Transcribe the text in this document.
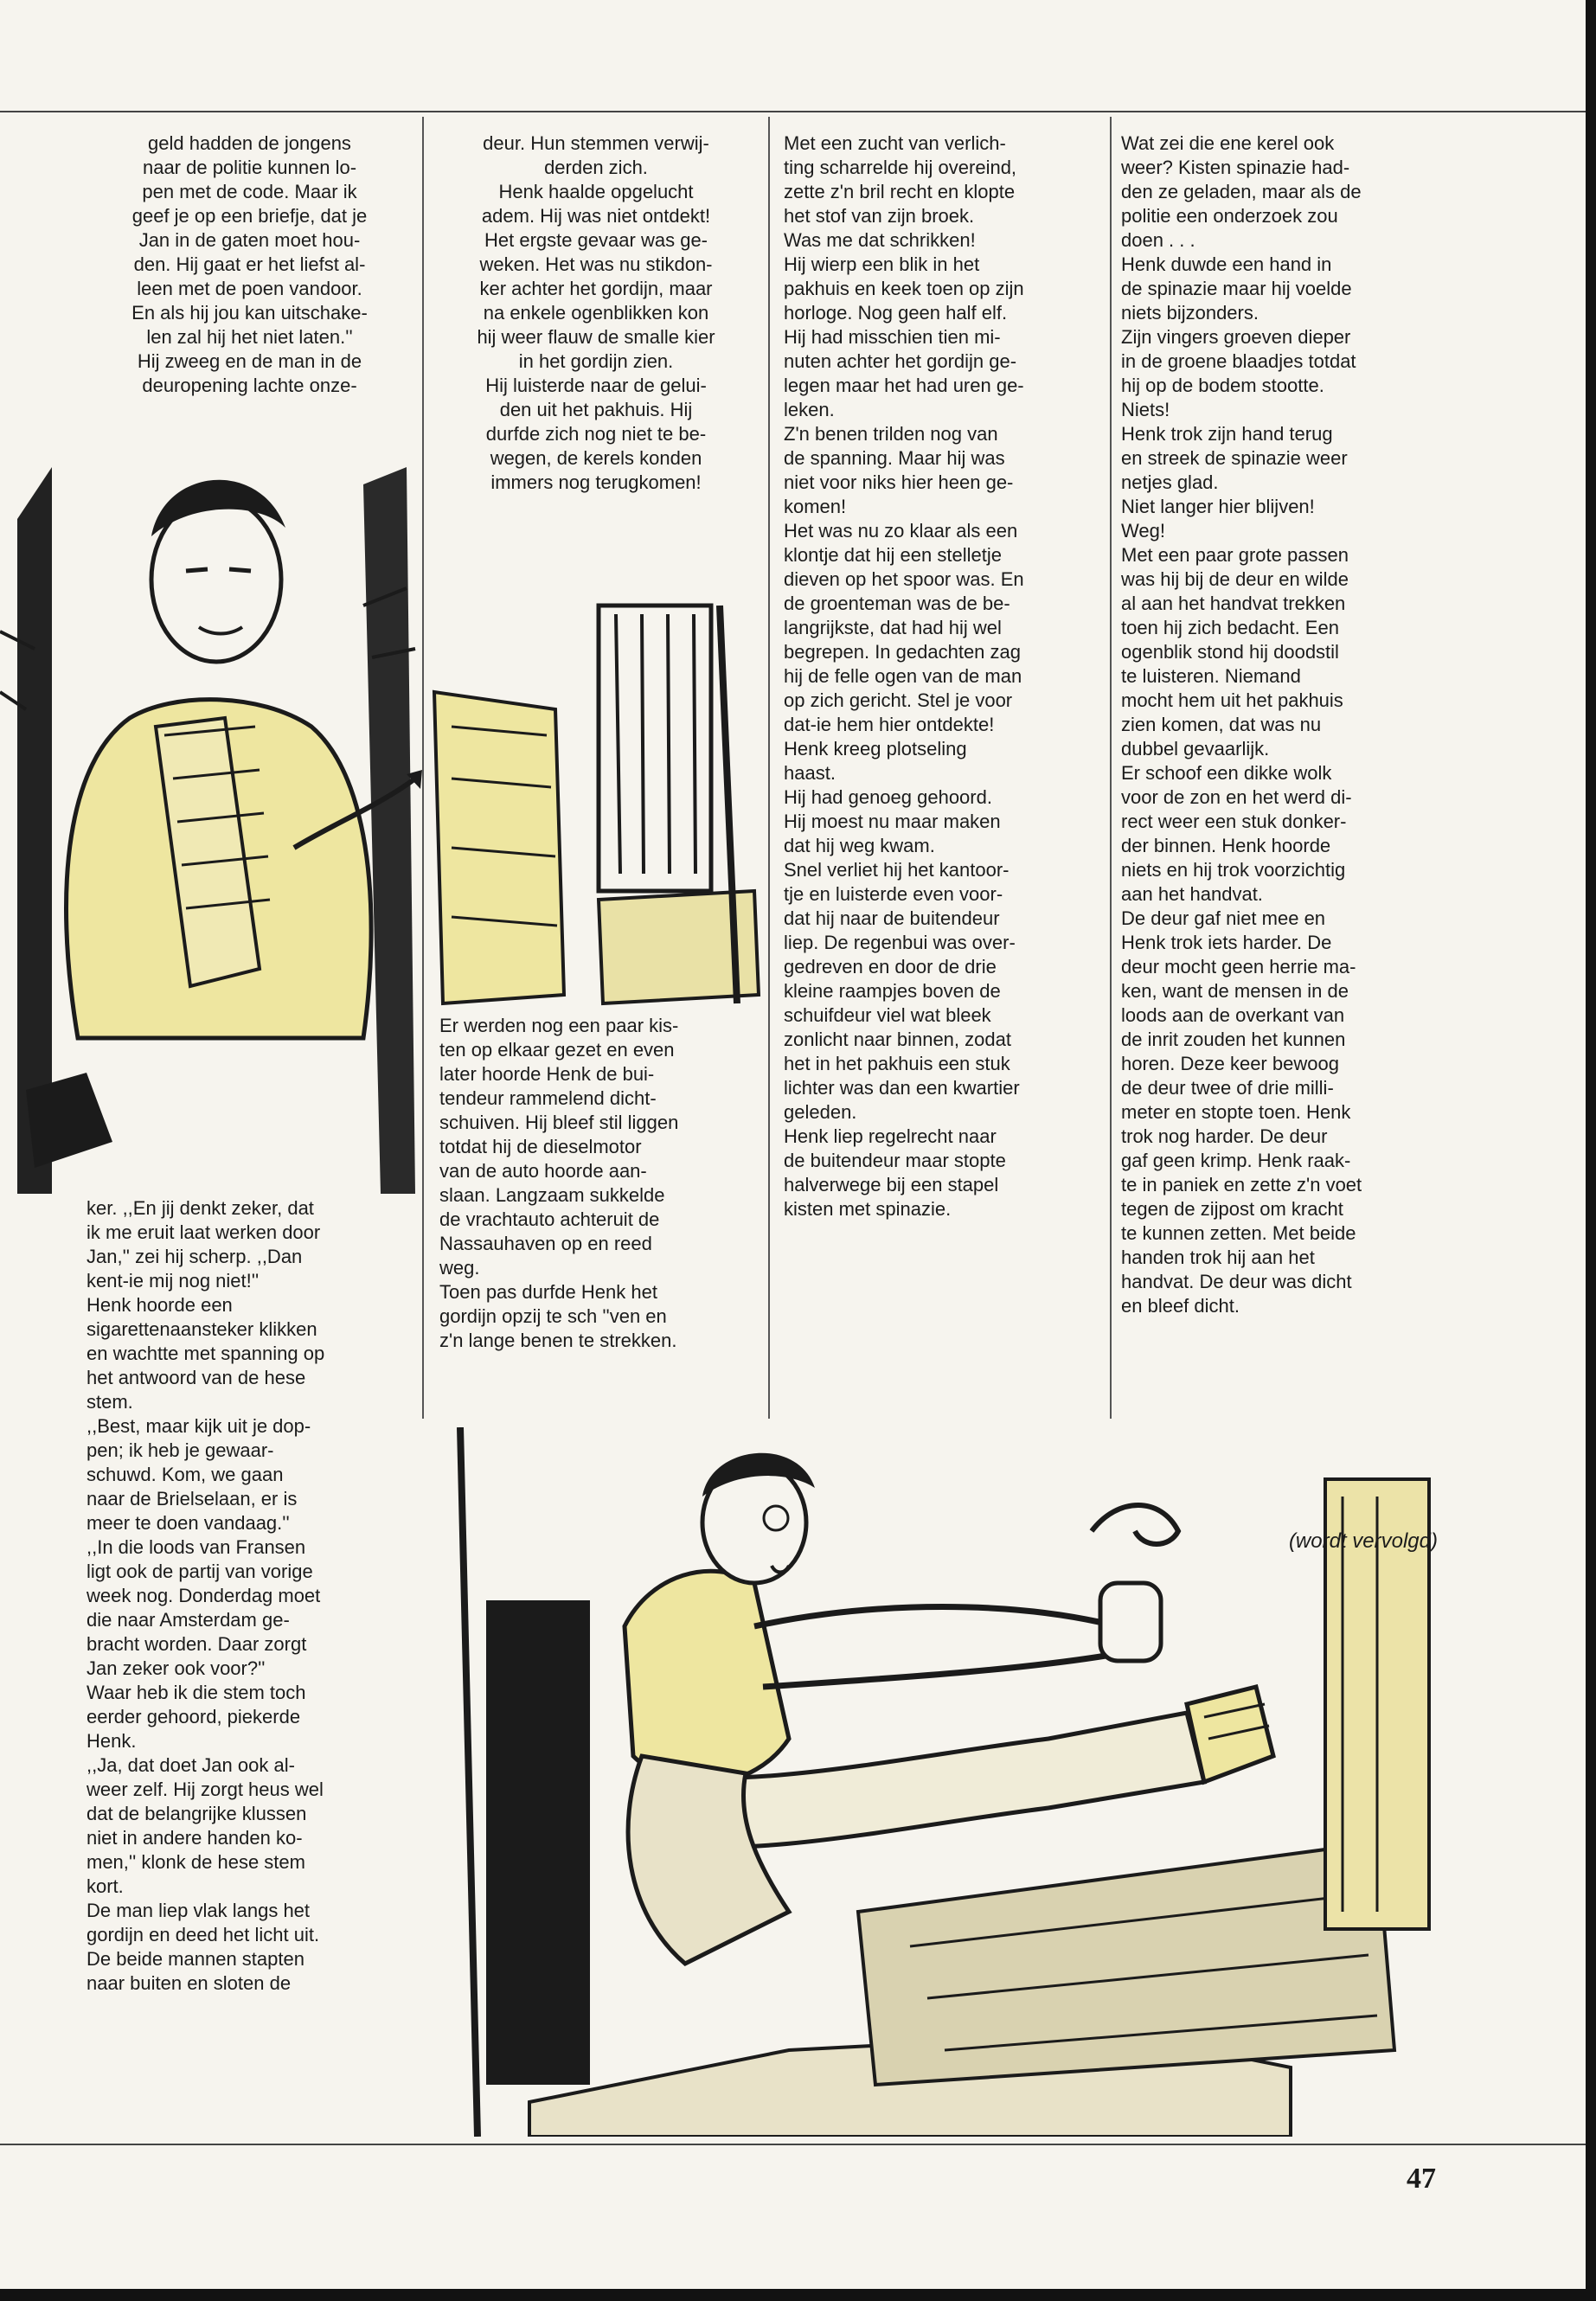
geld hadden de jongens
naar de politie kunnen lo-
pen met de code. Maar ik
geef je op een briefje, dat je
Jan in de gaten moet hou-
den. Hij gaat er het liefst al-
leen met de poen vandoor.
En als hij jou kan uitschake-
len zal hij het niet laten.''
Hij zweeg en de man in de
deuropening lachte onze-

ker. ,,En jij denkt zeker, dat
ik me eruit laat werken door
Jan,'' zei hij scherp. ,,Dan
kent-ie mij nog niet!''
Henk hoorde een
sigarettenaansteker klikken
en wachtte met spanning op
het antwoord van de hese
stem.
,,Best, maar kijk uit je dop-
pen; ik heb je gewaar-
schuwd. Kom, we gaan
naar de Brielselaan, er is
meer te doen vandaag.''
,,In die loods van Fransen
ligt ook de partij van vorige
week nog. Donderdag moet
die naar Amsterdam ge-
bracht worden. Daar zorgt
Jan zeker ook voor?''
Waar heb ik die stem toch
eerder gehoord, piekerde
Henk.
,,Ja, dat doet Jan ook al-
weer zelf. Hij zorgt heus wel
dat de belangrijke klussen
niet in andere handen ko-
men,'' klonk de hese stem
kort.
De man liep vlak langs het
gordijn en deed het licht uit.
De beide mannen stapten
naar buiten en sloten de

deur. Hun stemmen verwij-
derden zich.
Henk haalde opgelucht
adem. Hij was niet ontdekt!
Het ergste gevaar was ge-
weken. Het was nu stikdon-
ker achter het gordijn, maar
na enkele ogenblikken kon
hij weer flauw de smalle kier
in het gordijn zien.
Hij luisterde naar de gelui-
den uit het pakhuis. Hij
durfde zich nog niet te be-
wegen, de kerels konden
immers nog terugkomen!

Er werden nog een paar kis-
ten op elkaar gezet en even
later hoorde Henk de bui-
tendeur rammelend dicht-
schuiven. Hij bleef stil liggen
totdat hij de dieselmotor
van de auto hoorde aan-
slaan. Langzaam sukkelde
de vrachtauto achteruit de
Nassauhaven op en reed
weg.
Toen pas durfde Henk het
gordijn opzij te sch ''ven en
z'n lange benen te strekken.

Met een zucht van verlich-
ting scharrelde hij overeind,
zette z'n bril recht en klopte
het stof van zijn broek.
Was me dat schrikken!
Hij wierp een blik in het
pakhuis en keek toen op zijn
horloge. Nog geen half elf.
Hij had misschien tien mi-
nuten achter het gordijn ge-
legen maar het had uren ge-
leken.
Z'n benen trilden nog van
de spanning. Maar hij was
niet voor niks hier heen ge-
komen!
Het was nu zo klaar als een
klontje dat hij een stelletje
dieven op het spoor was. En
de groenteman was de be-
langrijkste, dat had hij wel
begrepen. In gedachten zag
hij de felle ogen van de man
op zich gericht. Stel je voor
dat-ie hem hier ontdekte!
Henk kreeg plotseling
haast.
Hij had genoeg gehoord.
Hij moest nu maar maken
dat hij weg kwam.
Snel verliet hij het kantoor-
tje en luisterde even voor-
dat hij naar de buitendeur
liep. De regenbui was over-
gedreven en door de drie
kleine raampjes boven de
schuifdeur viel wat bleek
zonlicht naar binnen, zodat
het in het pakhuis een stuk
lichter was dan een kwartier
geleden.
Henk liep regelrecht naar
de buitendeur maar stopte
halverwege bij een stapel
kisten met spinazie.

Wat zei die ene kerel ook
weer? Kisten spinazie had-
den ze geladen, maar als de
politie een onderzoek zou
doen . . .
Henk duwde een hand in
de spinazie maar hij voelde
niets bijzonders.
Zijn vingers groeven dieper
in de groene blaadjes totdat
hij op de bodem stootte.
Niets!
Henk trok zijn hand terug
en streek de spinazie weer
netjes glad.
Niet langer hier blijven!
Weg!
Met een paar grote passen
was hij bij de deur en wilde
al aan het handvat trekken
toen hij zich bedacht. Een
ogenblik stond hij doodstil
te luisteren. Niemand
mocht hem uit het pakhuis
zien komen, dat was nu
dubbel gevaarlijk.
Er schoof een dikke wolk
voor de zon en het werd di-
rect weer een stuk donker-
der binnen. Henk hoorde
niets en hij trok voorzichtig
aan het handvat.
De deur gaf niet mee en
Henk trok iets harder. De
deur mocht geen herrie ma-
ken, want de mensen in de
loods aan de overkant van
de inrit zouden het kunnen
horen. Deze keer bewoog
de deur twee of drie milli-
meter en stopte toen. Henk
trok nog harder. De deur
gaf geen krimp. Henk raak-
te in paniek en zette z'n voet
tegen de zijpost om kracht
te kunnen zetten. Met beide
handen trok hij aan het
handvat. De deur was dicht
en bleef dicht.

(wordt vervolgd)

47
